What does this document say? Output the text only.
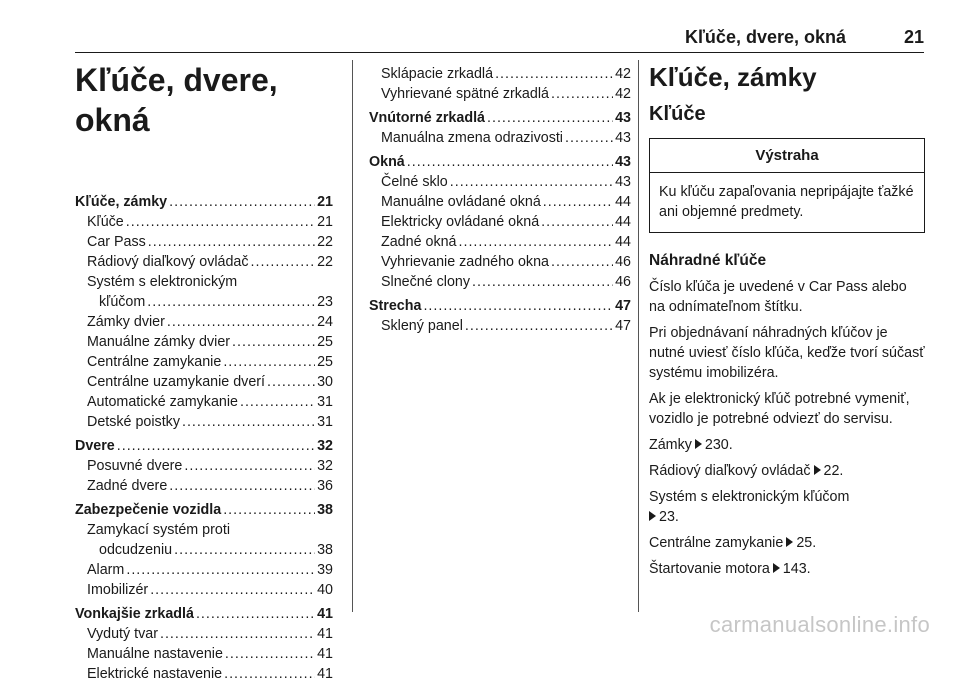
Kľúče, dvere, okná	21
Kľúče, dvere, okná
Kľúče, zámky .....	21
Kľúče .....	21
Car Pass .....	22
Rádiový diaľkový ovládač .....	22
Systém s elektronickým
kľúčom .....	23
Zámky dvier .....	24
Manuálne zámky dvier .....	25
Centrálne zamykanie .....	25
Centrálne uzamykanie dverí .....	30
Automatické zamykanie .....	31
Detské poistky .....	31
Dvere .....	32
Posuvné dvere .....	32
Zadné dvere .....	36
Zabezpečenie vozidla .....	38
Zamykací systém proti
odcudzeniu .....	38
Alarm .....	39
Imobilizér .....	40
Vonkajšie zrkadlá .....	41
Vydutý tvar .....	41
Manuálne nastavenie .....	41
Elektrické nastavenie .....	41
Sklápacie zrkadlá .....	42
Vyhrievané spätné zrkadlá .....	42
Vnútorné zrkadlá .....	43
Manuálna zmena odrazivosti .....	43
Okná .....	43
Čelné sklo .....	43
Manuálne ovládané okná .....	44
Elektricky ovládané okná .....	44
Zadné okná .....	44
Vyhrievanie zadného okna .....	46
Slnečné clony .....	46
Strecha .....	47
Sklený panel .....	47
Kľúče, zámky
Kľúče
Výstraha
Ku kľúču zapaľovania nepripájajte ťažké ani objemné predmety.
Náhradné kľúče
Číslo kľúča je uvedené v Car Pass alebo na odnímateľnom štítku.
Pri objednávaní náhradných kľúčov je nutné uviesť číslo kľúča, keďže tvorí súčasť systému imobilizéra.
Ak je elektronický kľúč potrebné vymeniť, vozidlo je potrebné odviezť do servisu.
Zámky 230.
Rádiový diaľkový ovládač 22.
Systém s elektronickým kľúčom
23.
Centrálne zamykanie 25.
Štartovanie motora 143.
carmanualsonline.info
